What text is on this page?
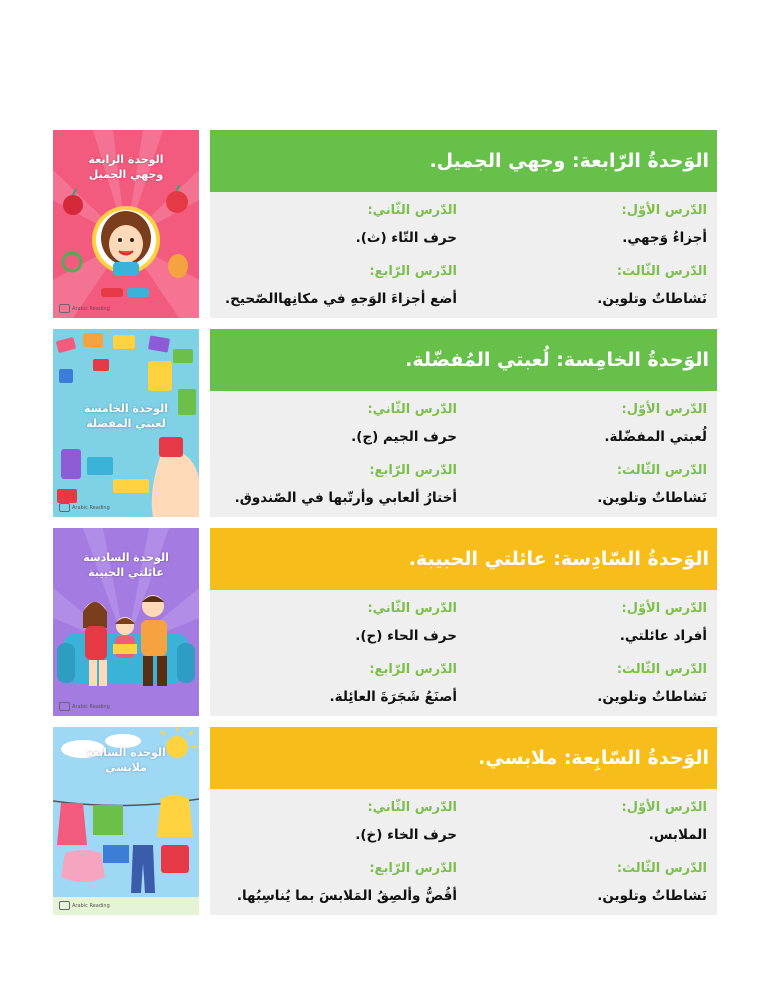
الوحدة الرابعة
وجهي الجميل
Arabic Reading
الوَحدةُ الرّابعة: وجهي الجميل.
الدّرس الأوّل:
أجزاءُ وَجهي.
الدّرس الثّاني:
حرف التّاء (ث).
الدّرس الثّالث:
نَشاطاتٌ وتلوين.
الدّرس الرّابع:
أضع أجزاءَ الوَجهِ في مكانِهاالصّحيح.
الوحدة الخامسة
لعبتي المفضلة
Arabic Reading
الوَحدةُ الخامِسة: لُعبتي المُفضّلة.
الدّرس الأوّل:
لُعبتي المفضّلة.
الدّرس الثّاني:
حرف الجيم (ج).
الدّرس الثّالث:
نَشاطاتٌ وتلوين.
الدّرس الرّابع:
أختارُ ألعابي وأرتّبها في الصّندوق.
الوحدة السادسة
عائلتي الحبيبة
Arabic Reading
الوَحدةُ السّادِسة: عائلتي الحبيبة.
الدّرس الأوّل:
أفراد عائلتي.
الدّرس الثّاني:
حرف الحاء (ح).
الدّرس الثّالث:
نَشاطاتٌ وتلوين.
الدّرس الرّابع:
أصنَعُ شَجَرَةَ العائِلة.
الوحدة السابعة
ملابسي
Arabic Reading
الوَحدةُ السّابِعة: ملابسي.
الدّرس الأوّل:
الملابس.
الدّرس الثّاني:
حرف الخاء (خ).
الدّرس الثّالث:
نَشاطاتٌ وتلوين.
الدّرس الرّابع:
أقُصُّ وألصِقُ المَلابسَ بما يُناسِبُها.
